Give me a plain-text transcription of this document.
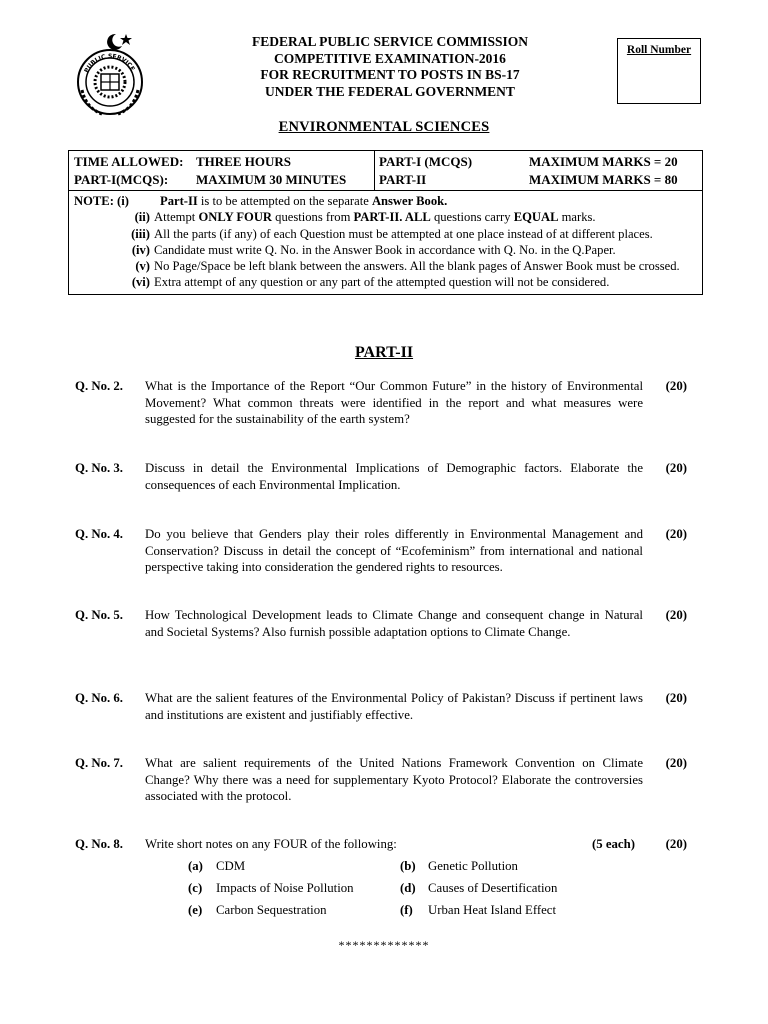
PUBLIC SERVICE
FEDERAL PUBLIC SERVICE COMMISSION
COMPETITIVE EXAMINATION-2016
FOR RECRUITMENT TO POSTS IN BS-17
UNDER THE FEDERAL GOVERNMENT
Roll Number
ENVIRONMENTAL SCIENCES
TIME ALLOWED: THREE HOURS
PART-I(MCQS):	MAXIMUM 30 MINUTES
PART-I (MCQS)	MAXIMUM MARKS = 20
PART-II	MAXIMUM MARKS = 80
NOTE: (i)	Part-II is to be attempted on the separate Answer Book.
(ii) Attempt ONLY FOUR questions from PART-II. ALL questions carry EQUAL marks.
(iii) All the parts (if any) of each Question must be attempted at one place instead of at different places.
(iv) Candidate must write Q. No. in the Answer Book in accordance with Q. No. in the Q.Paper.
(v) No Page/Space be left blank between the answers. All the blank pages of Answer Book must be crossed.
(vi) Extra attempt of any question or any part of the attempted question will not be considered.
PART-II
Q. No. 2. What is the Importance of the Report “Our Common Future” in the history of Environmental Movement? What common threats were identified in the report and what measures were suggested for the sustainability of the earth system?
(20)
Q. No. 3. Discuss in detail the Environmental Implications of Demographic factors. Elaborate the consequences of each Environmental Implication.
(20)
Q. No. 4. Do you believe that Genders play their roles differently in Environmental Management and Conservation? Discuss in detail the concept of “Ecofeminism” from international and national perspective taking into consideration the gendered rights to resources.
(20)
Q. No. 5. How Technological Development leads to Climate Change and consequent change in Natural and Societal Systems? Also furnish possible adaptation options to Climate Change.
(20)
Q. No. 6. What are the salient features of the Environmental Policy of Pakistan? Discuss if pertinent laws and institutions are existent and justifiably effective.
(20)
Q. No. 7. What are salient requirements of the United Nations Framework Convention on Climate Change? Why there was a need for supplementary Kyoto Protocol? Elaborate the controversies associated with the protocol.
(20)
Q. No. 8. Write short notes on any FOUR of the following:	(5 each) (20)
(a) CDM	(b) Genetic Pollution
(c) Impacts of Noise Pollution	(d) Causes of Desertification
(e) Carbon Sequestration	(f) Urban Heat Island Effect
*************
